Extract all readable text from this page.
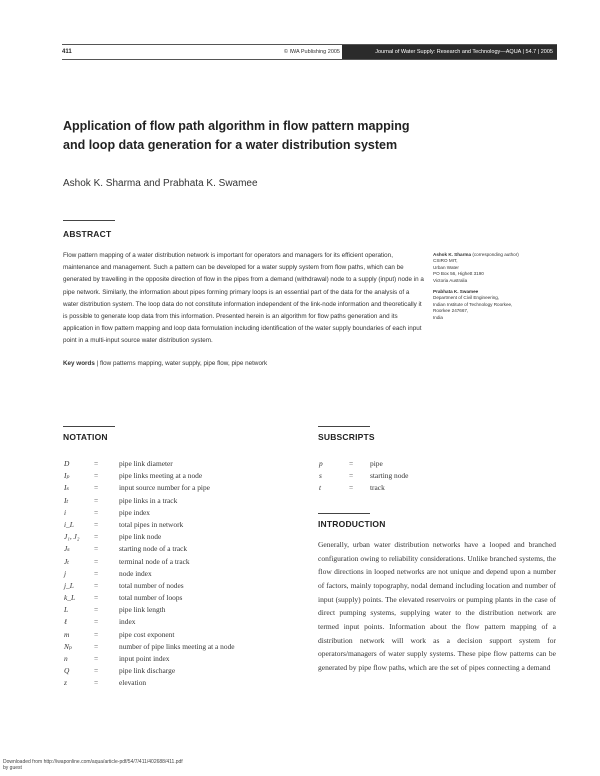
411	© IWA Publishing 2005	Journal of Water Supply: Research and Technology—AQUA | 54.7 | 2005
Application of flow path algorithm in flow pattern mapping and loop data generation for a water distribution system
Ashok K. Sharma and Prabhata K. Swamee
ABSTRACT

Flow pattern mapping of a water distribution network is important for operators and managers for its efficient operation, maintenance and management. Such a pattern can be developed for a water supply system from flow paths, which can be generated by travelling in the opposite direction of flow in the pipes from a demand (withdrawal) node to a supply (input) node in a pipe network. Similarly, the information about pipes forming primary loops is an essential part of the data for the analysis of a water distribution system. The loop data do not constitute information independent of the link-node information and theoretically it is possible to generate loop data from this information. Presented herein is an algorithm for flow paths generation and its application in flow pattern mapping and loop data formulation including identification of the water supply boundaries of each input point in a multi-input source water distribution system.

Key words | flow patterns mapping, water supply, pipe flow, pipe network
Ashok K. Sharma (corresponding author)
CSIRO MIT,
Urban Water
PO Box 56, Highett 3190
Victoria Australia
Prabhata K. Swamee
Department of Civil Engineering,
Indian Institute of Technology Roorkee,
Roorkee 247667,
India
NOTATION
D	=	pipe link diameter
Iₚ	=	pipe links meeting at a node
Iₛ	=	input source number for a pipe
Iₜ	=	pipe links in a track
i	=	pipe index
i_L	=	total pipes in network
J₁, J₂ =	pipe link node
Jₛ	=	starting node of a track
Jₜ	=	terminal node of a track
j	=	node index
j_L	=	total number of nodes
k_L	=	total number of loops
L	=	pipe link length
ℓ	=	index
m	=	pipe cost exponent
Nₚ	=	number of pipe links meeting at a node
n	=	input point index
Q	=	pipe link discharge
z	=	elevation
SUBSCRIPTS
p	= pipe
s	= starting node
t	= track
INTRODUCTION

Generally, urban water distribution networks have a looped and branched configuration owing to reliability considerations. Unlike branched systems, the flow directions in looped networks are not unique and depend upon a number of factors, mainly topography, nodal demand including location and number of input (supply) points. The elevated reservoirs or pumping plants in the case of direct pumping systems, supplying water to the distribution network are termed input points. Information about the flow pattern mapping of a distribution network will work as a decision support system for operators/managers of water supply systems. These pipe flow patterns can be generated by pipe flow paths, which are the set of pipes connecting a demand

Downloaded from http://iwaponline.com/aqua/article-pdf/54/7/411/402688/411.pdf
by guest
